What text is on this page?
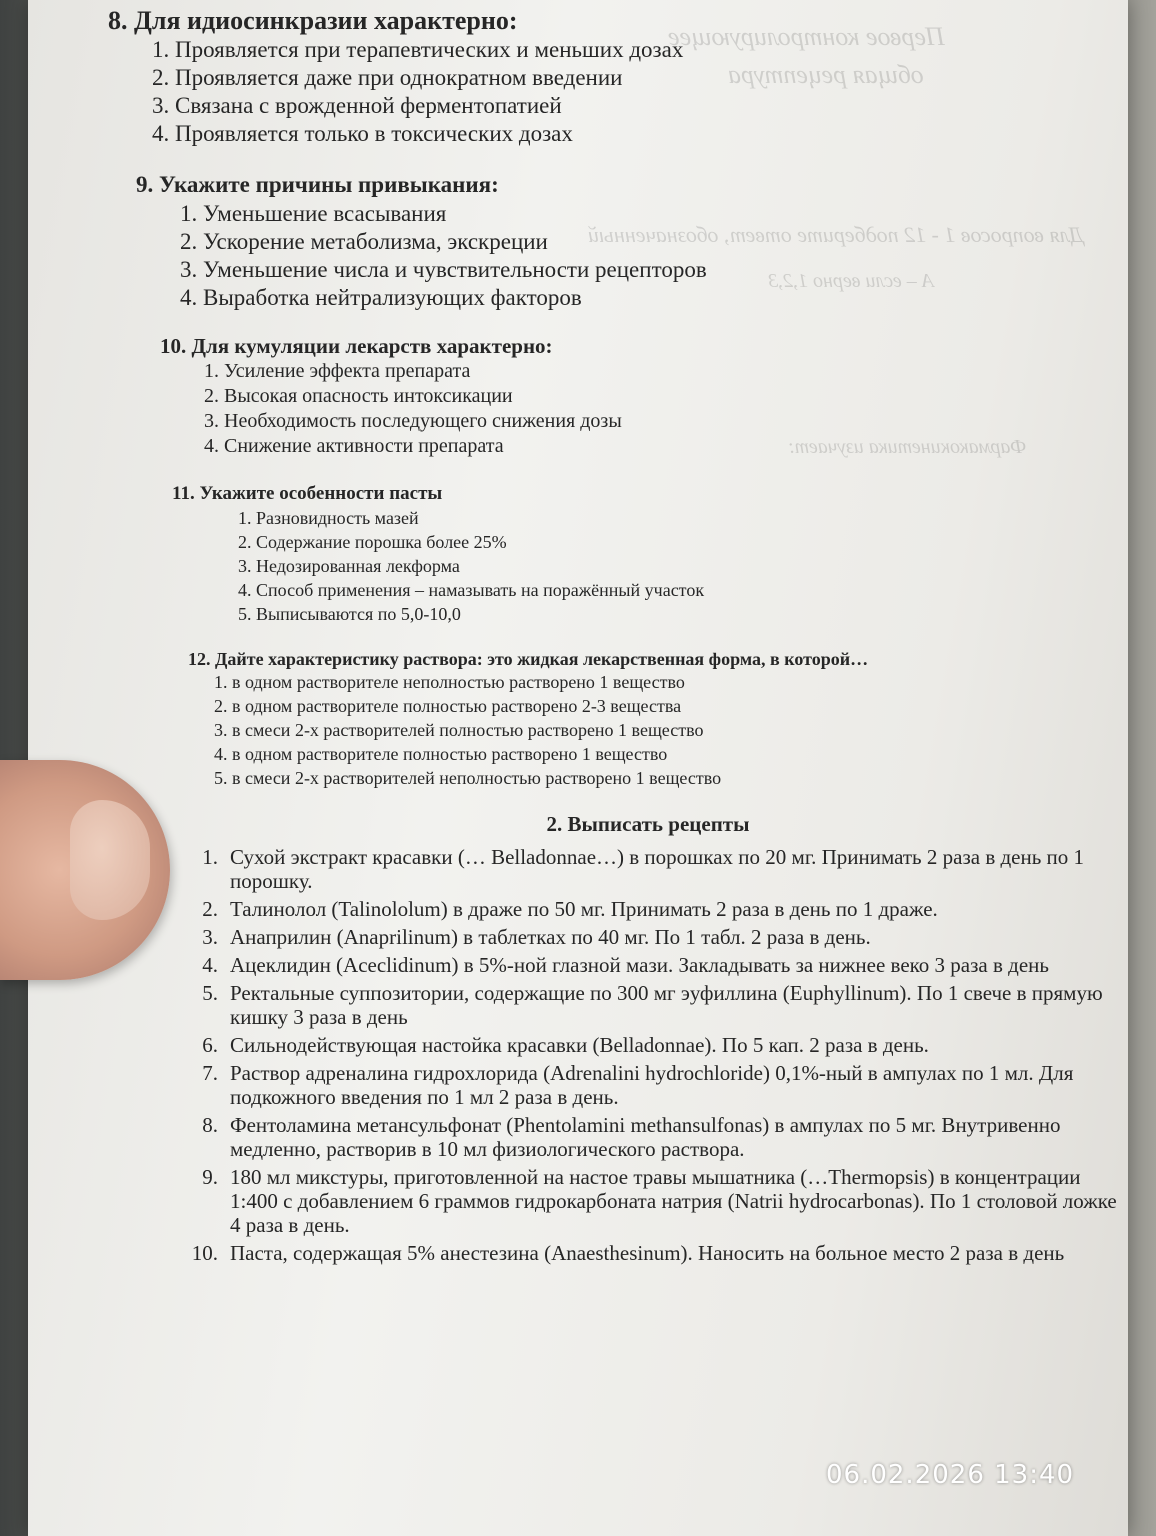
Первое контролирующее
общая рецептура
Для вопросов 1 - 12 подберите ответ, обозначенный
А – если верно 1,2,3
Фармакокинетика изучает:
8. Для идиосинкразии характерно:
1. Проявляется при терапевтических и меньших дозах
2. Проявляется даже при однократном введении
3. Связана с врожденной ферментопатией
4. Проявляется только в токсических дозах
9. Укажите причины привыкания:
1. Уменьшение всасывания
2. Ускорение метаболизма, экскреции
3. Уменьшение числа и чувствительности рецепторов
4. Выработка нейтрализующих факторов
10. Для кумуляции лекарств характерно:
1. Усиление эффекта препарата
2. Высокая опасность интоксикации
3. Необходимость последующего снижения дозы
4. Снижение активности препарата
11. Укажите особенности пасты
1. Разновидность мазей
2. Содержание порошка более 25%
3. Недозированная лекформа
4. Способ применения – намазывать на поражённый участок
5. Выписываются по 5,0-10,0
12. Дайте характеристику раствора: это жидкая лекарственная форма, в которой…
1. в одном растворителе неполностью растворено 1 вещество
2. в одном растворителе полностью растворено 2-3 вещества
3. в смеси 2-х растворителей полностью растворено 1 вещество
4. в одном растворителе полностью растворено 1 вещество
5. в смеси 2-х растворителей неполностью растворено 1 вещество
2. Выписать рецепты
1. Сухой экстракт красавки (… Belladonnae…) в порошках по 20 мг. Принимать 2 раза в день по 1 порошку.
2. Талинолол (Talinololum) в драже по 50 мг. Принимать 2 раза в день по 1 драже.
3. Анаприлин (Anaprilinum) в таблетках по 40 мг. По 1 табл. 2 раза в день.
4. Ацеклидин (Aceclidinum) в 5%-ной глазной мази. Закладывать за нижнее веко 3 раза в день
5. Ректальные суппозитории, содержащие по 300 мг эуфиллина (Euphyllinum). По 1 свече в прямую кишку 3 раза в день
6. Сильнодействующая настойка красавки (Belladonnae). По 5 кап. 2 раза в день.
7. Раствор адреналина гидрохлорида (Adrenalini hydrochloride) 0,1%-ный в ампулах по 1 мл. Для подкожного введения по 1 мл 2 раза в день.
8. Фентоламина метансульфонат (Phentolamini methansulfonas) в ампулах по 5 мг. Внутривенно медленно, растворив в 10 мл физиологического раствора.
9. 180 мл микстуры, приготовленной на настое травы мышатника (…Thermopsis) в концентрации 1:400 с добавлением 6 граммов гидрокарбоната натрия (Natrii hydrocarbonas). По 1 столовой ложке 4 раза в день.
10. Паста, содержащая 5% анестезина (Anaesthesinum). Наносить на больное место 2 раза в день
06.02.2026 13:40
